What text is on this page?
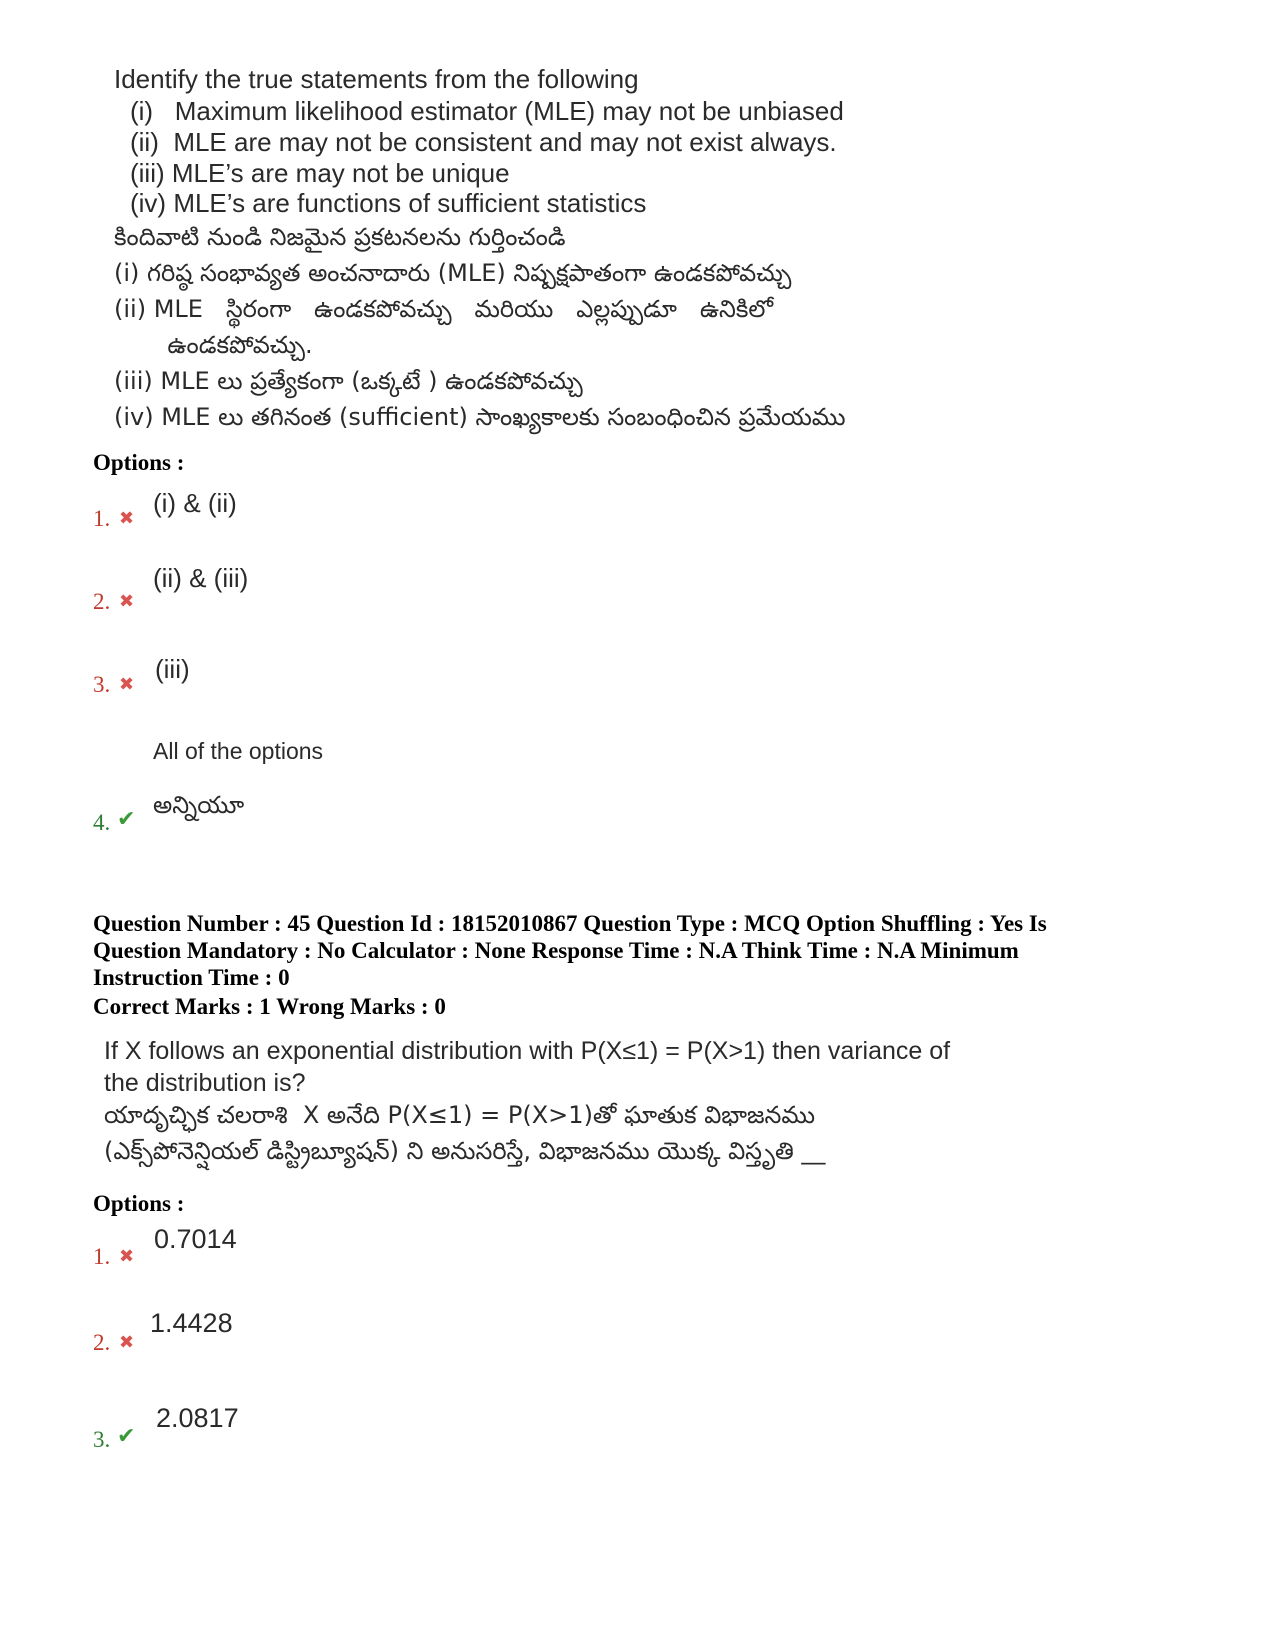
Identify the true statements from the following
(i)   Maximum likelihood estimator (MLE) may not be unbiased
(ii)  MLE are may not be consistent and may not exist always.
(iii) MLE’s are may not be unique
(iv) MLE’s are functions of sufficient statistics
కిందివాటి నుండి నిజమైన ప్రకటనలను గుర్తించండి
(i) గరిష్ఠ సంభావ్యత అంచనాదారు (MLE) నిష్పక్షపాతంగా ఉండకపోవచ్చు
(ii) MLE   స్థిరంగా   ఉండకపోవచ్చు   మరియు   ఎల్లప్పుడూ   ఉనికిలో
ఉండకపోవచ్చు.
(iii) MLE లు ప్రత్యేకంగా (ఒక్కటే ) ఉండకపోవచ్చు
(iv) MLE లు తగినంత (sufficient) సాంఖ్యకాలకు సంబంధించిన ప్రమేయము
Options :
1. ✖ (i) & (ii)
2. ✖
(ii) & (iii)
3. ✖ (iii)
All of the options
అన్నియూ
4. ✔
Question Number : 45 Question Id : 18152010867 Question Type : MCQ Option Shuffling : Yes Is
Question Mandatory : No Calculator : None Response Time : N.A Think Time : N.A Minimum
Instruction Time : 0
Correct Marks : 1 Wrong Marks : 0
If X follows an exponential distribution with P(X≤1) = P(X>1) then variance of
the distribution is?
యాదృచ్ఛిక చలరాశి  X అనేది P(X≤1) = P(X>1)తో ఘాతుక విభాజనము
(ఎక్స్‌పోనెన్షియల్ డిస్ట్రిబ్యూషన్) ని అనుసరిస్తే, విభాజనము యొక్క విస్తృతి __
Options :
1. ✖
0.7014
2. ✖
1.4428
3. ✔
2.0817
